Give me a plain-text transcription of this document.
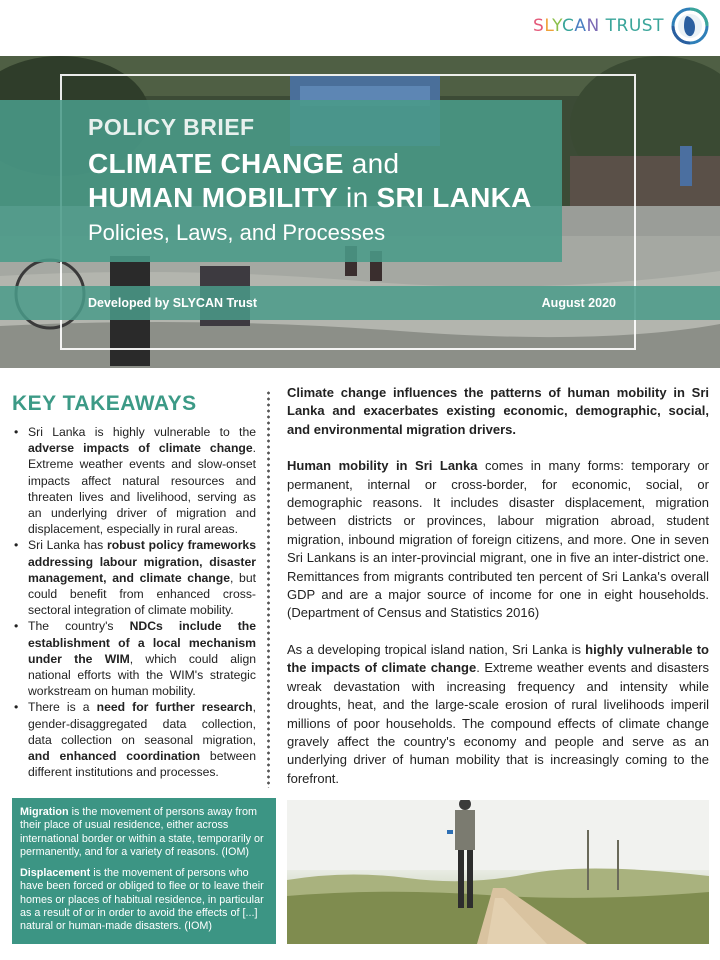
SLYCAN TRUST
POLICY BRIEF
CLIMATE CHANGE and
HUMAN MOBILITY in SRI LANKA
Policies, Laws, and Processes
Developed by SLYCAN Trust	August 2020
KEY TAKEAWAYS
• Sri Lanka is highly vulnerable to the adverse impacts of climate change. Extreme weather events and slow-onset impacts affect natural resources and threaten lives and livelihood, serving as an underlying driver of migration and displacement, especially in rural areas.
• Sri Lanka has robust policy frameworks addressing labour migration, disaster management, and climate change, but could benefit from enhanced cross-sectoral integration of climate mobility.
• The country's NDCs include the establishment of a local mechanism under the WIM, which could align national efforts with the WIM's strategic workstream on human mobility.
• There is a need for further research, gender-disaggregated data collection, data collection on seasonal migration, and enhanced coordination between different institutions and processes.

Migration is the movement of persons away from their place of usual residence, either across international border or within a state, temporarily or permanently, and for a variety of reasons. (IOM)

Displacement is the movement of persons who have been forced or obliged to flee or to leave their homes or places of habitual residence, in particular as a result of or in order to avoid the effects of [...] natural or human-made disasters. (IOM)

Climate change influences the patterns of human mobility in Sri Lanka and exacerbates existing economic, demographic, social, and environmental migration drivers.

Human mobility in Sri Lanka comes in many forms: temporary or permanent, internal or cross-border, for economic, social, or demographic reasons. It includes disaster displacement, migration between districts or provinces, labour migration abroad, student migration, inbound migration of foreign citizens, and more. One in seven Sri Lankans is an inter-provincial migrant, one in five an inter-district one. Remittances from migrants contributed ten percent of Sri Lanka's overall GDP and are a major source of income for one in eight households. (Department of Census and Statistics 2016)

As a developing tropical island nation, Sri Lanka is highly vulnerable to the impacts of climate change. Extreme weather events and disasters wreak devastation with increasing frequency and intensity while droughts, heat, and the large-scale erosion of rural livelihoods imperil millions of poor households. The compound effects of climate change gravely affect the country's economy and people and serve as an underlying driver of human mobility that is increasingly coming to the forefront.
